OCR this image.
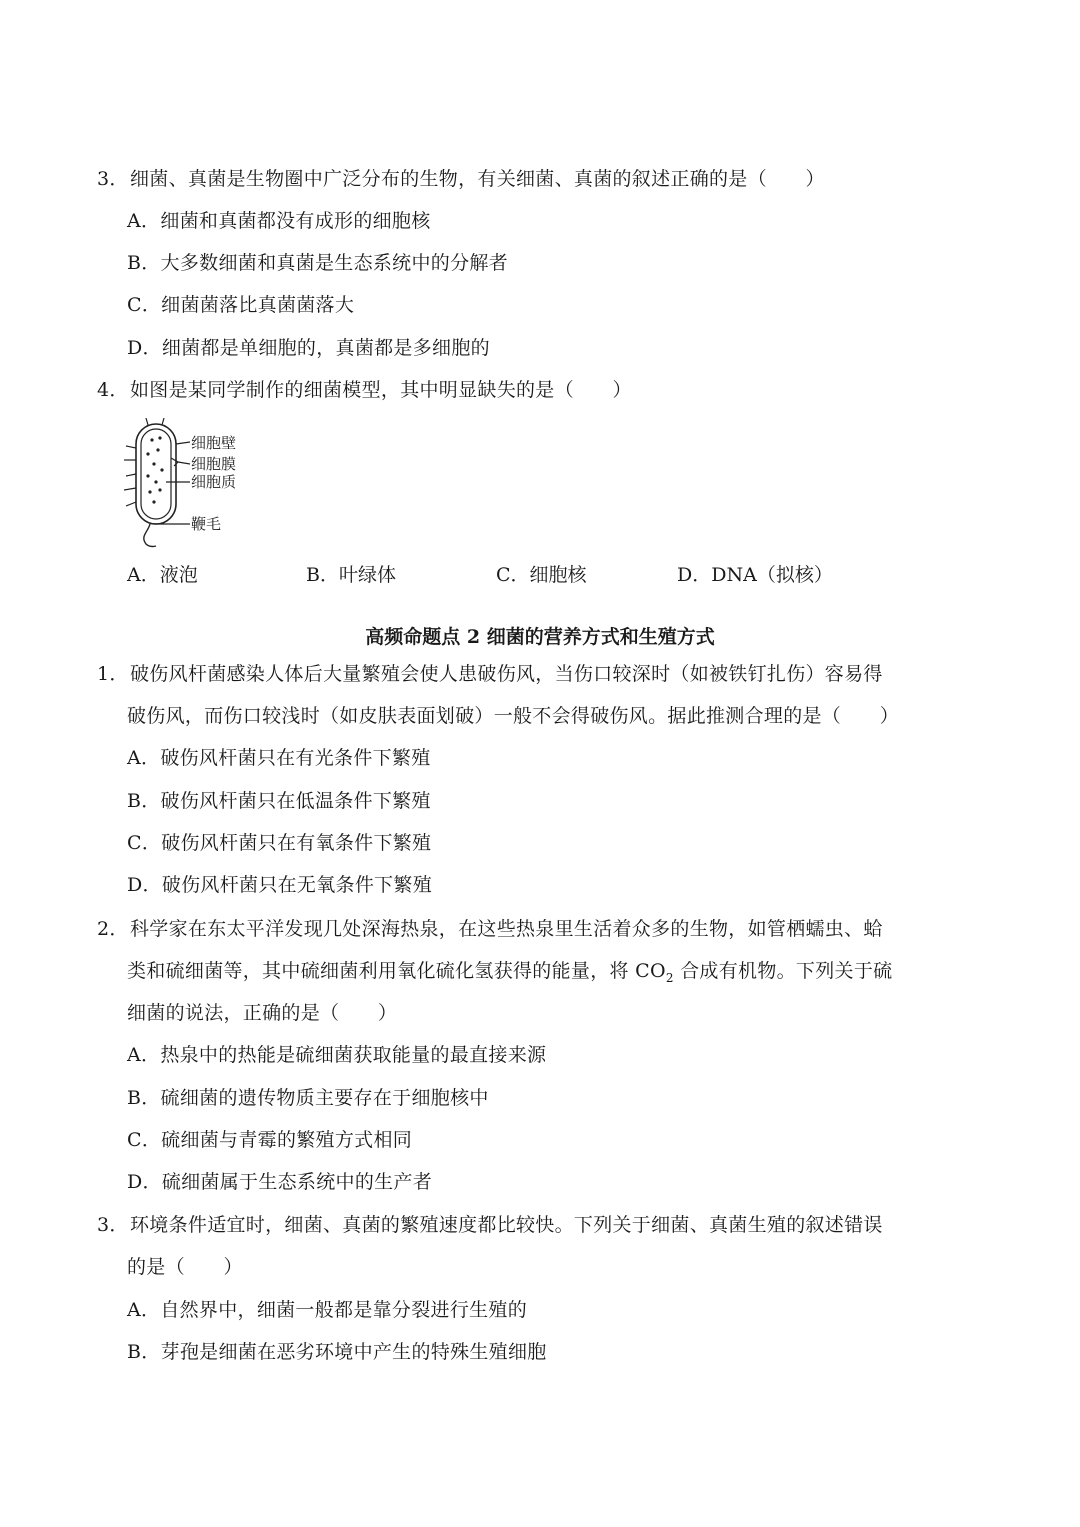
3． 细菌、真菌是生物圈中广泛分布的生物，有关细菌、真菌的叙述正确的是（　　）
A．细菌和真菌都没有成形的细胞核
B．大多数细菌和真菌是生态系统中的分解者
C．细菌菌落比真菌菌落大
D．细菌都是单细胞的，真菌都是多细胞的
4． 如图是某同学制作的细菌模型，其中明显缺失的是（　　）
细胞壁
细胞膜
细胞质
鞭毛
A．液泡	B．叶绿体	C．细胞核	D．DNA（拟核）
高频命题点 2 细菌的营养方式和生殖方式
1． 破伤风杆菌感染人体后大量繁殖会使人患破伤风，当伤口较深时（如被铁钉扎伤）容易得
破伤风，而伤口较浅时（如皮肤表面划破）一般不会得破伤风。据此推测合理的是（　　）
A．破伤风杆菌只在有光条件下繁殖
B．破伤风杆菌只在低温条件下繁殖
C．破伤风杆菌只在有氧条件下繁殖
D．破伤风杆菌只在无氧条件下繁殖
2． 科学家在东太平洋发现几处深海热泉，在这些热泉里生活着众多的生物，如管栖蠕虫、蛤
类和硫细菌等，其中硫细菌利用氧化硫化氢获得的能量，将 $CO_2$ 合成有机物。下列关于硫
细菌的说法，正确的是（　　）
A．热泉中的热能是硫细菌获取能量的最直接来源
B．硫细菌的遗传物质主要存在于细胞核中
C．硫细菌与青霉的繁殖方式相同
D．硫细菌属于生态系统中的生产者
3． 环境条件适宜时，细菌、真菌的繁殖速度都比较快。下列关于细菌、真菌生殖的叙述错误
的是（　　）
A．自然界中，细菌一般都是靠分裂进行生殖的
B．芽孢是细菌在恶劣环境中产生的特殊生殖细胞
